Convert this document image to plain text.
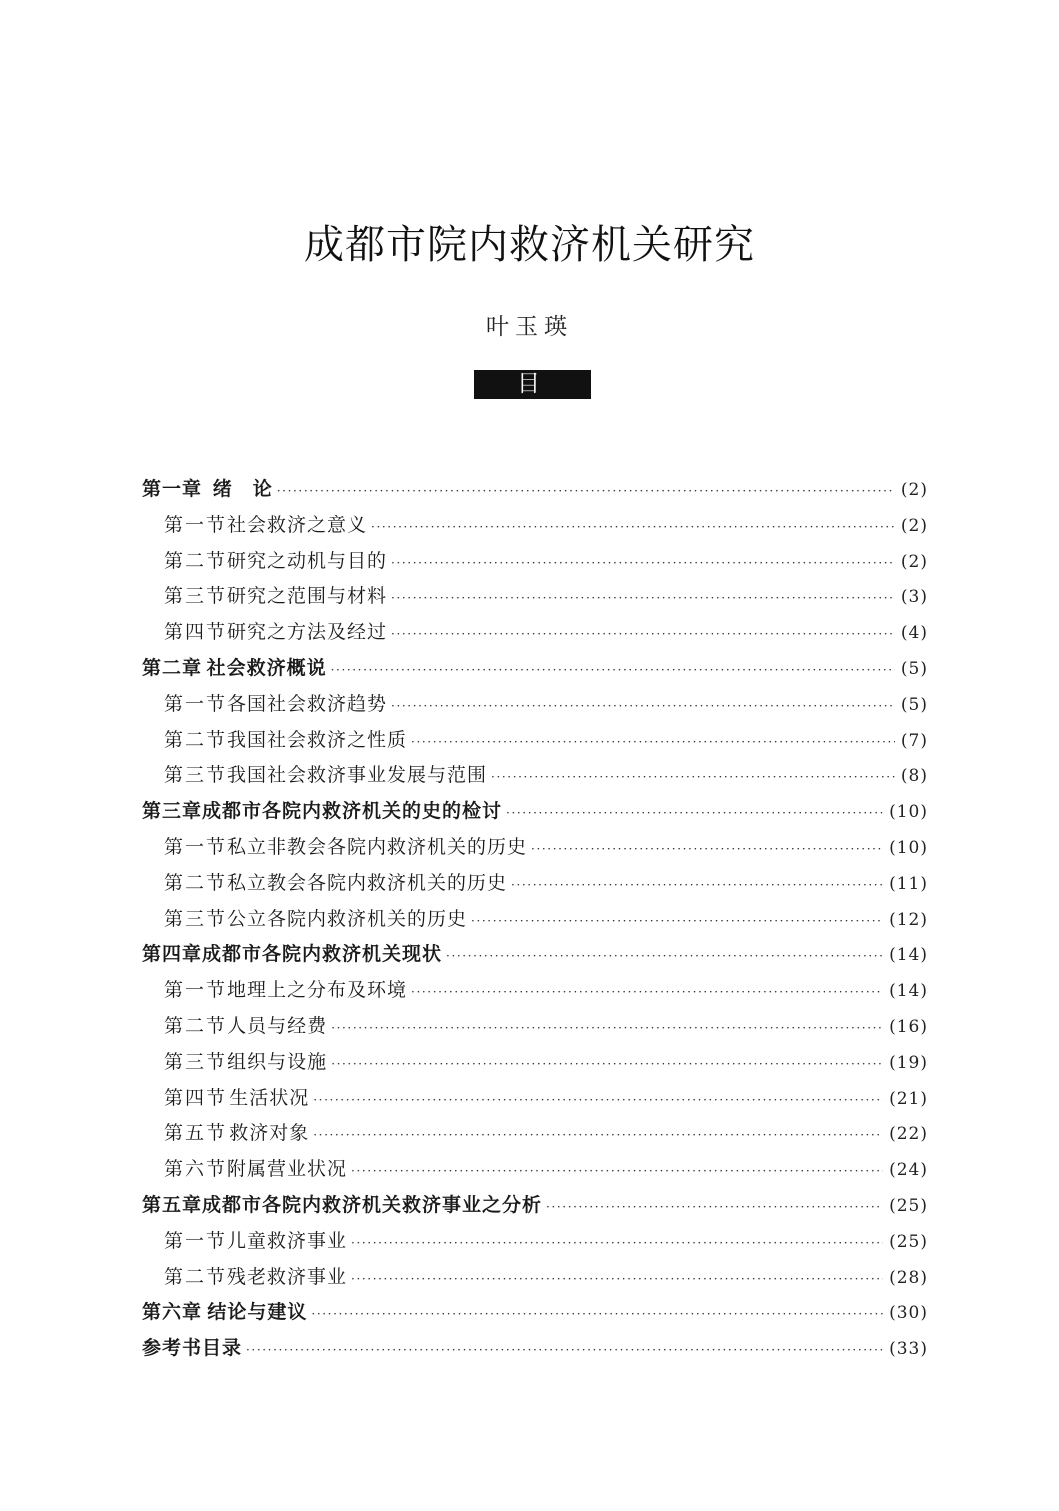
成都市院内救济机关研究
叶玉瑛
目录
第一章 绪　论 ·····	(2)
第一节 社会救济之意义 ·····	(2)
第二节 研究之动机与目的 ·····	(2)
第三节 研究之范围与材料 ·····	(3)
第四节 研究之方法及经过 ·····	(4)
第二章 社会救济概说 ·····	(5)
第一节 各国社会救济趋势 ·····	(5)
第二节 我国社会救济之性质 ·····	(7)
第三节 我国社会救济事业发展与范围 ·····	(8)
第三章 成都市各院内救济机关的史的检讨 ·····	(10)
第一节 私立非教会各院内救济机关的历史 ·····	(10)
第二节 私立教会各院内救济机关的历史 ·····	(11)
第三节 公立各院内救济机关的历史 ·····	(12)
第四章 成都市各院内救济机关现状 ·····	(14)
第一节 地理上之分布及环境 ·····	(14)
第二节 人员与经费 ·····	(16)
第三节 组织与设施 ·····	(19)
第四节 生活状况 ·····	(21)
第五节 救济对象 ·····	(22)
第六节 附属营业状况 ·····	(24)
第五章 成都市各院内救济机关救济事业之分析 ·····	(25)
第一节 儿童救济事业 ·····	(25)
第二节 残老救济事业 ·····	(28)
第六章 结论与建议 ·····	(30)
参考书目录 ·····	(33)
